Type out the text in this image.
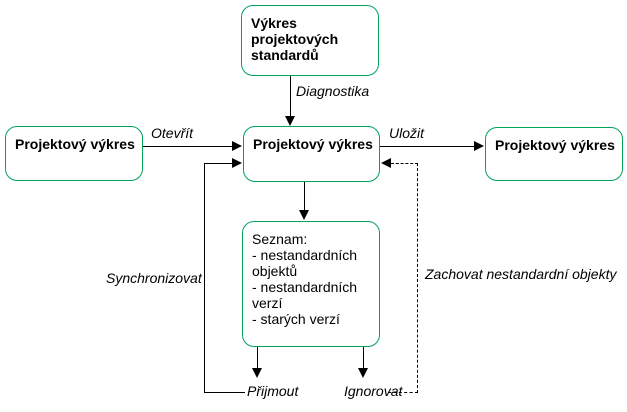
Výkres projektových standardů
Projektový výkres	Projektový výkres	Projektový výkres
Seznam:
- nestandardních objektů
- nestandardních verzí
- starých verzí
Diagnostika
Otevřít	Uložit
Synchronizovat	Zachovat nestandardní objekty
Přijmout	Ignorovat
